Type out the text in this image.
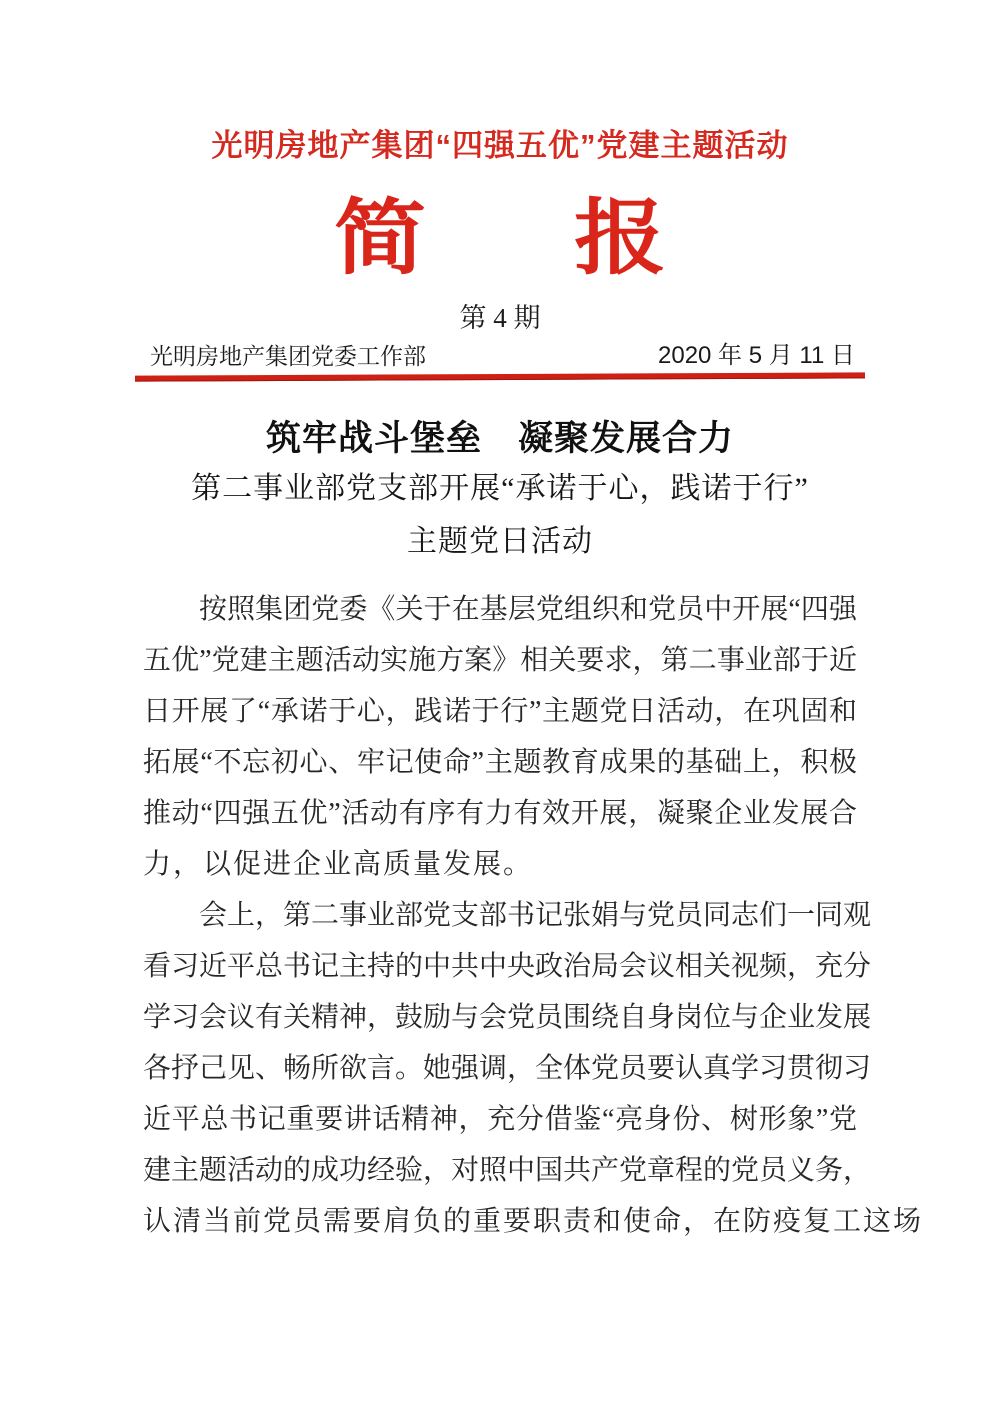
光明房地产集团“四强五优”党建主题活动
简 报
第 4 期
光明房地产集团党委工作部	2020 年 5 月 11 日
筑牢战斗堡垒　凝聚发展合力
第二事业部党支部开展“承诺于心，践诺于行”
主题党日活动
按照集团党委《关于在基层党组织和党员中开展“四强
五优”党建主题活动实施方案》相关要求，第二事业部于近
日开展了“承诺于心，践诺于行”主题党日活动，在巩固和
拓展“不忘初心、牢记使命”主题教育成果的基础上，积极
推动“四强五优”活动有序有力有效开展，凝聚企业发展合
力，以促进企业高质量发展。
会上，第二事业部党支部书记张娟与党员同志们一同观
看习近平总书记主持的中共中央政治局会议相关视频，充分
学习会议有关精神，鼓励与会党员围绕自身岗位与企业发展
各抒己见、畅所欲言。她强调，全体党员要认真学习贯彻习
近平总书记重要讲话精神，充分借鉴“亮身份、树形象”党
建主题活动的成功经验，对照中国共产党章程的党员义务，
认清当前党员需要肩负的重要职责和使命，在防疫复工这场
